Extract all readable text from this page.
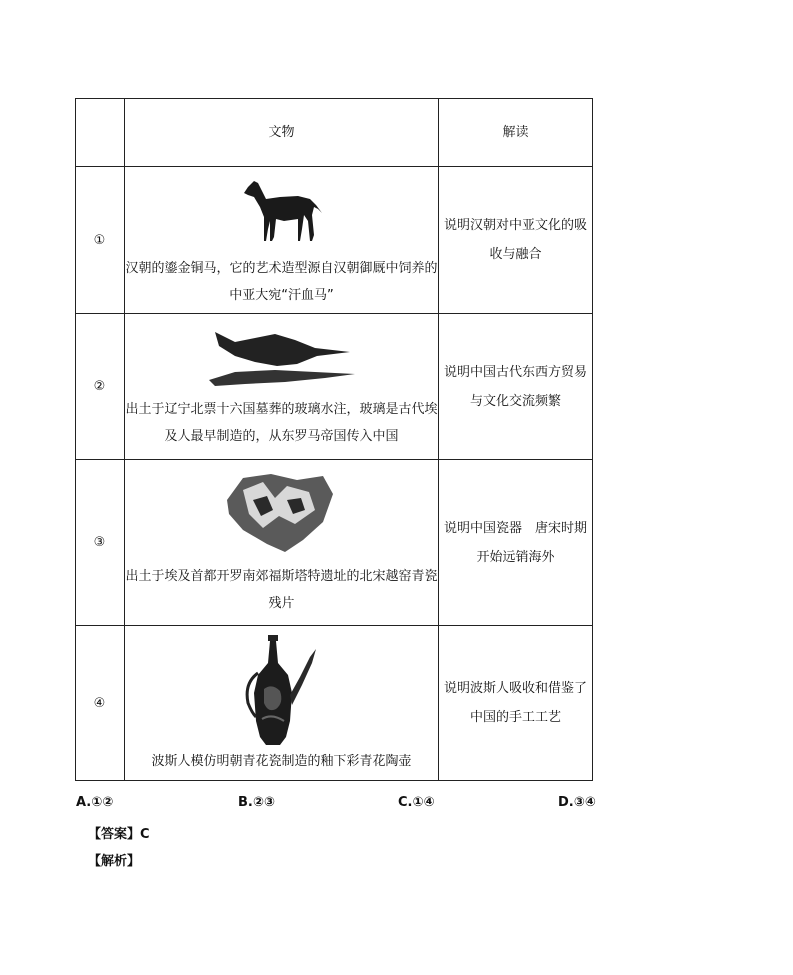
文物	解读
①
汉朝的鎏金铜马，它的艺术造型源自汉朝御厩中饲养的中亚大宛“汗血马”
说明汉朝对中亚文化的吸收与融合
②
出土于辽宁北票十六国墓葬的玻璃水注，玻璃是古代埃及人最早制造的，从东罗马帝国传入中国
说明中国古代东西方贸易与文化交流频繁
③
出土于埃及首都开罗南郊福斯塔特遗址的北宋越窑青瓷残片
说明中国瓷器　唐宋时期开始远销海外
④
波斯人模仿明朝青花瓷制造的釉下彩青花陶壶
说明波斯人吸收和借鉴了中国的手工工艺
A.①②	B.②③	C.①④	D.③④
【答案】C
【解析】
